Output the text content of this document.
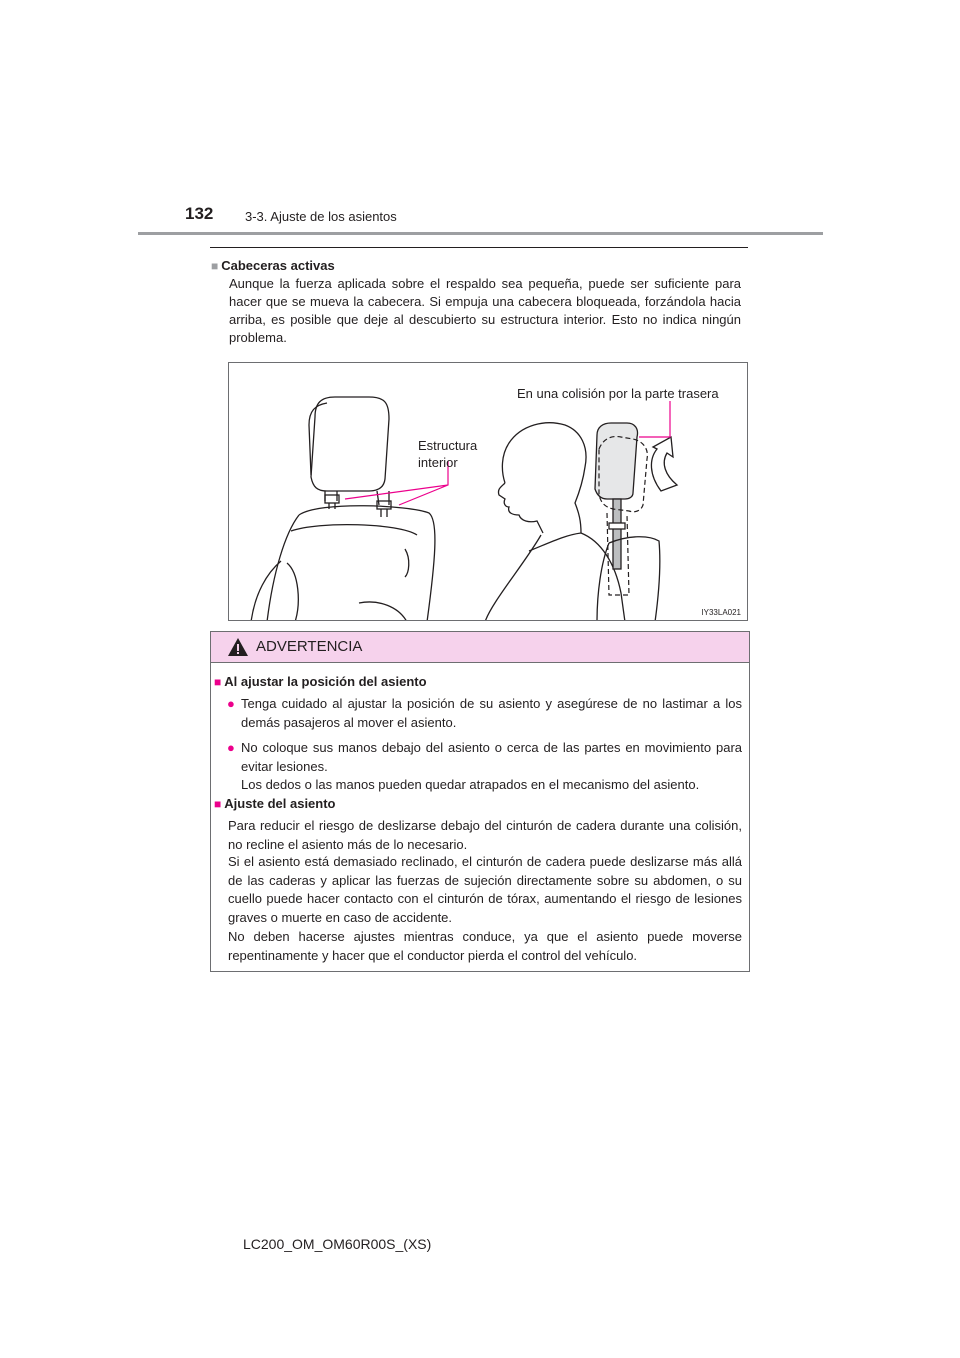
132 3-3. Ajuste de los asientos
■ Cabeceras activas
Aunque la fuerza aplicada sobre el respaldo sea pequeña, puede ser suficiente para hacer que se mueva la cabecera. Si empuja una cabecera bloqueada, forzándola hacia arriba, es posible que deje al descubierto su estructura interior. Esto no indica ningún problema.
Estructura
interior
En una colisión por la parte trasera
IY33LA021
ADVERTENCIA
■ Al ajustar la posición del asiento
● Tenga cuidado al ajustar la posición de su asiento y asegúrese de no lastimar a los demás pasajeros al mover el asiento.
● No coloque sus manos debajo del asiento o cerca de las partes en movimiento para evitar lesiones.
Los dedos o las manos pueden quedar atrapados en el mecanismo del asiento.
■ Ajuste del asiento
Para reducir el riesgo de deslizarse debajo del cinturón de cadera durante una colisión, no recline el asiento más de lo necesario.
Si el asiento está demasiado reclinado, el cinturón de cadera puede deslizarse más allá de las caderas y aplicar las fuerzas de sujeción directamente sobre su abdomen, o su cuello puede hacer contacto con el cinturón de tórax, aumentando el riesgo de lesiones graves o muerte en caso de accidente.
No deben hacerse ajustes mientras conduce, ya que el asiento puede moverse repentinamente y hacer que el conductor pierda el control del vehículo.
LC200_OM_OM60R00S_(XS)
